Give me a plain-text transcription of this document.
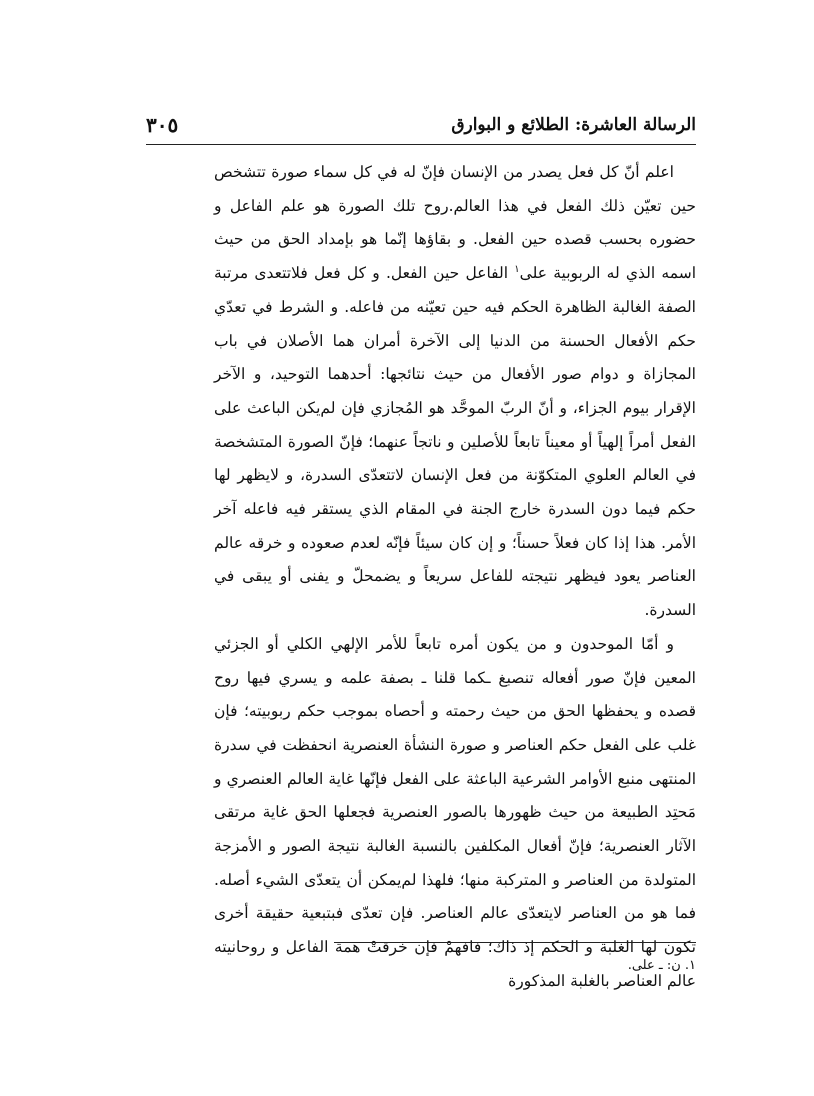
٣٠٥	الرسالة العاشرة: الطلائع و البوارق

اعلم أنّ كل فعل يصدر من الإنسان فإنّ له في كل سماء صورة تتشخص حين تعيّن ذلك الفعل في هذا العالم.روح تلك الصورة هو علم الفاعل و حضوره بحسب قصده حين الفعل. و بقاؤها إنّما هو بإمداد الحق من حيث اسمه الذي له الربوبية على$^١$ الفاعل حين الفعل. و كل فعل فلاتتعدى مرتبة الصفة الغالبة الظاهرة الحكم فيه حين تعيّنه من فاعله. و الشرط في تعدّي حكم الأفعال الحسنة من الدنيا إلى الآخرة أمران هما الأصلان في باب المجازاة و دوام صور الأفعال من حيث نتائجها: أحدهما التوحيد، و الآخر الإقرار بيوم الجزاء، و أنّ الربّ الموحَّد هو المُجازي فإن لم‌يكن الباعث على الفعل أمراً إلهياً أو معيناً تابعاً للأصلين و ناتجاً عنهما؛ فإنّ الصورة المتشخصة في العالم العلوي المتكوّنة من فعل الإنسان لاتتعدّى السدرة، و لايظهر لها حكم فيما دون السدرة خارج الجنة في المقام الذي يستقر فيه فاعله آخر الأمر. هذا إذا كان فعلاً حسناً؛ و إن كان سيئاً فإنّه لعدم صعوده و خرقه عالم العناصر يعود فيظهر نتيجته للفاعل سريعاً و يضمحلّ و يفنى أو يبقى في السدرة.

و أمّا الموحدون و من يكون أمره تابعاً للأمر الإلهي الكلي أو الجزئي المعين فإنّ صور أفعاله تنصبغ ـكما قلنا ـ بصفة علمه و يسري فيها روح قصده و يحفظها الحق من حيث رحمته و أحصاه بموجب حكم ربوبيته؛ فإن غلب على الفعل حكم العناصر و صورة النشأة العنصرية انحفظت في سدرة المنتهى منبع الأوامر الشرعية الباعثة على الفعل فإنّها غاية العالم العنصري و مَحتِد الطبيعة من حيث ظهورها بالصور العنصرية فجعلها الحق غاية مرتقى الآثار العنصرية؛ فإنّ أفعال المكلفين بالنسبة الغالبة نتيجة الصور و الأمزجة المتولدة من العناصر و المتركبة منها؛ فلهذا لم‌يمكن أن يتعدّى الشيء أصله. فما هو من العناصر لايتعدّى عالم العناصر. فإن تعدّى فبتبعية حقيقة أخرى تكون لها الغلبة و الحكم إذ ذاك؛ فافهمْ فإن خرقتْ همة الفاعل و روحانيته عالم العناصر بالغلبة المذكورة

١. ن: ـ على.
